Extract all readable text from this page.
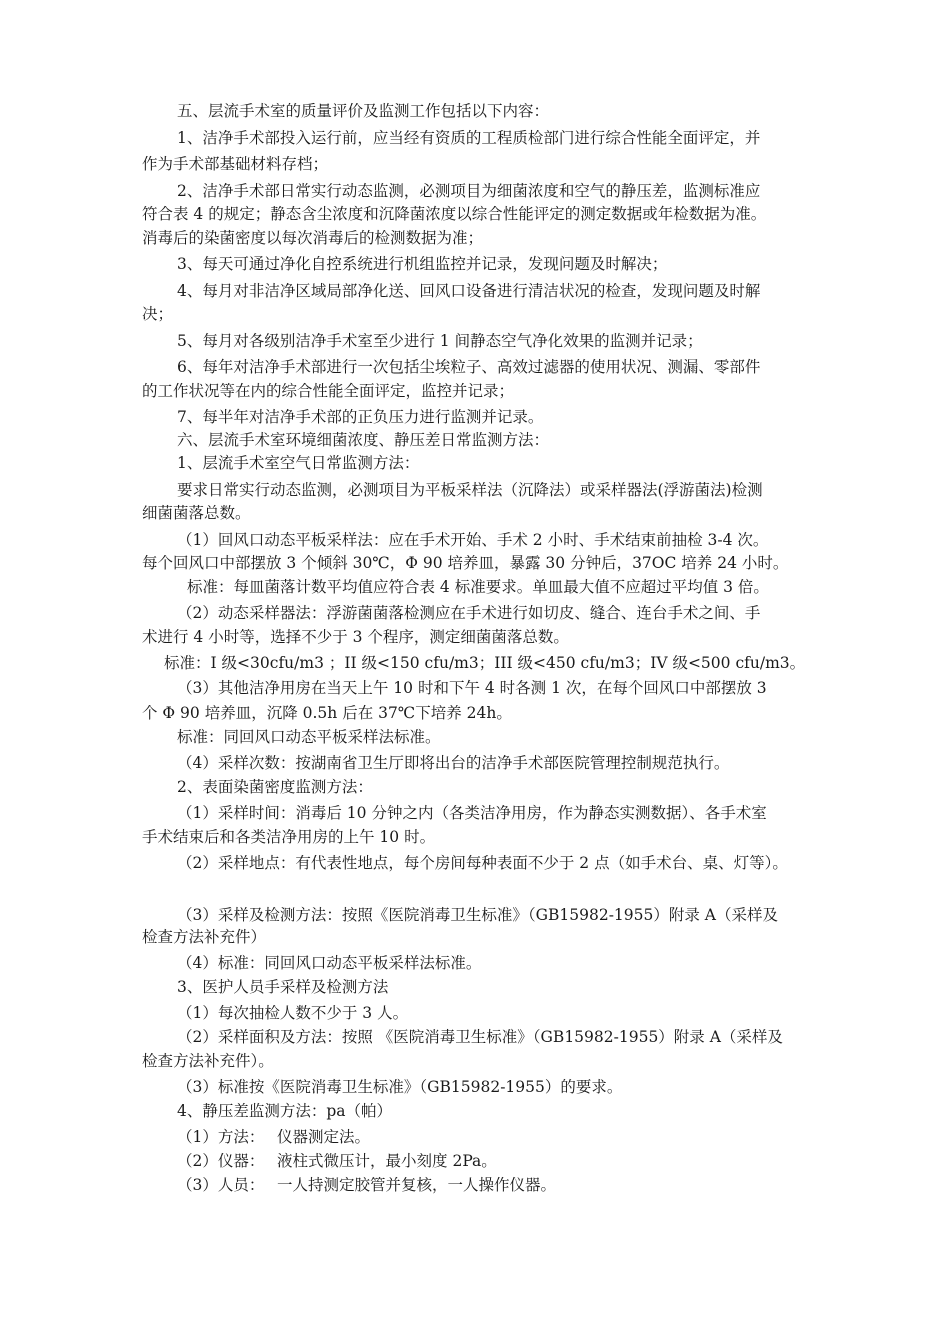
五、层流手术室的质量评价及监测工作包括以下内容：
1、洁净手术部投入运行前，应当经有资质的工程质检部门进行综合性能全面评定，并
作为手术部基础材料存档；
2、洁净手术部日常实行动态监测，必测项目为细菌浓度和空气的静压差，监测标准应
符合表 4 的规定；静态含尘浓度和沉降菌浓度以综合性能评定的测定数据或年检数据为准。
消毒后的染菌密度以每次消毒后的检测数据为准；
3、每天可通过净化自控系统进行机组监控并记录，发现问题及时解决；
4、每月对非洁净区域局部净化送、回风口设备进行清洁状况的检查，发现问题及时解
决；
5、每月对各级别洁净手术室至少进行 1 间静态空气净化效果的监测并记录；
6、每年对洁净手术部进行一次包括尘埃粒子、高效过滤器的使用状况、测漏、零部件
的工作状况等在内的综合性能全面评定，监控并记录；
7、每半年对洁净手术部的正负压力进行监测并记录。
六、层流手术室环境细菌浓度、静压差日常监测方法：
1、层流手术室空气日常监测方法：
要求日常实行动态监测，必测项目为平板采样法（沉降法）或采样器法(浮游菌法)检测
细菌菌落总数。
（1）回风口动态平板采样法：应在手术开始、手术 2 小时、手术结束前抽检 3-4 次。
每个回风口中部摆放 3 个倾斜 30℃，Φ 90 培养皿，暴露 30 分钟后，37OC 培养 24 小时。
标准：每皿菌落计数平均值应符合表 4 标准要求。单皿最大值不应超过平均值 3 倍。
（2）动态采样器法：浮游菌菌落检测应在手术进行如切皮、缝合、连台手术之间、手
术进行 4 小时等，选择不少于 3 个程序，测定细菌菌落总数。
标准：I 级<30cfu/m3 ；II 级<150 cfu/m3；III 级<450 cfu/m3；IV 级<500 cfu/m3。
（3）其他洁净用房在当天上午 10 时和下午 4 时各测 1 次，在每个回风口中部摆放 3
个 Φ 90 培养皿，沉降 0.5h 后在 37℃下培养 24h。
标准：同回风口动态平板采样法标准。
（4）采样次数：按湖南省卫生厅即将出台的洁净手术部医院管理控制规范执行。
2、表面染菌密度监测方法：
（1）采样时间：消毒后 10 分钟之内（各类洁净用房，作为静态实测数据）、各手术室
手术结束后和各类洁净用房的上午 10 时。
（2）采样地点：有代表性地点，每个房间每种表面不少于 2 点（如手术台、桌、灯等）。
（3）采样及检测方法：按照《医院消毒卫生标准》（GB15982-1955）附录 A（采样及
检查方法补充件）
（4）标准：同回风口动态平板采样法标准。
3、医护人员手采样及检测方法
（1）每次抽检人数不少于 3 人。
（2）采样面积及方法：按照 《医院消毒卫生标准》（GB15982-1955）附录 A（采样及
检查方法补充件）。
（3）标准按《医院消毒卫生标准》（GB15982-1955）的要求。
4、静压差监测方法：pa（帕）
（1）方法：　 仪器测定法。
（2）仪器：　 液柱式微压计，最小刻度 2Pa。
（3）人员：　 一人持测定胶管并复核，一人操作仪器。
